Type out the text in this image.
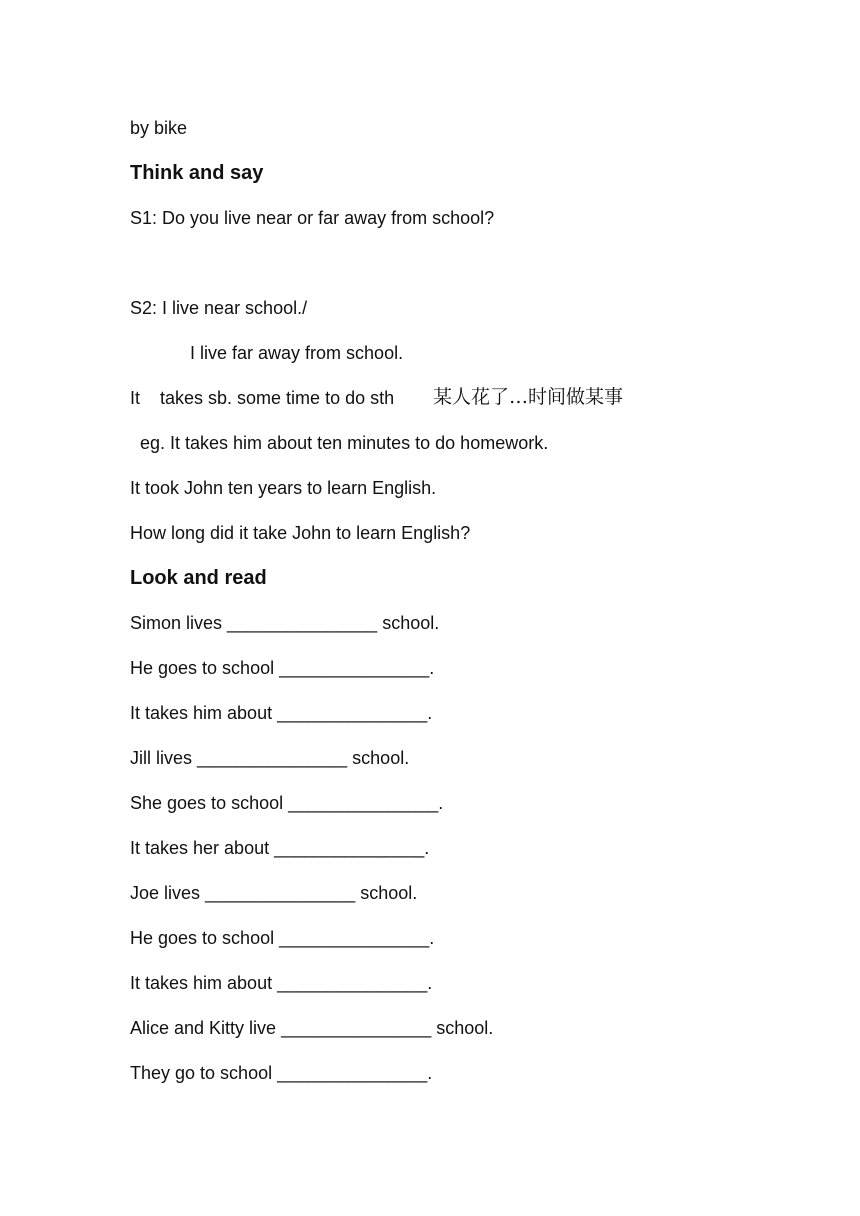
by bike

Think and say

S1: Do you live near or far away from school?

S2: I live near school./

I live far away from school.

It    takes sb. some time to do sth 某人花了…时间做某事

eg. It takes him about ten minutes to do homework.

It took John ten years to learn English.

How long did it take John to learn English?

Look and read

Simon lives _______________ school.

He goes to school _______________.

It takes him about _______________.

Jill lives _______________ school.

She goes to school _______________.

It takes her about _______________.

Joe lives _______________ school.

He goes to school _______________.

It takes him about _______________.

Alice and Kitty live _______________ school.

They go to school _______________.
